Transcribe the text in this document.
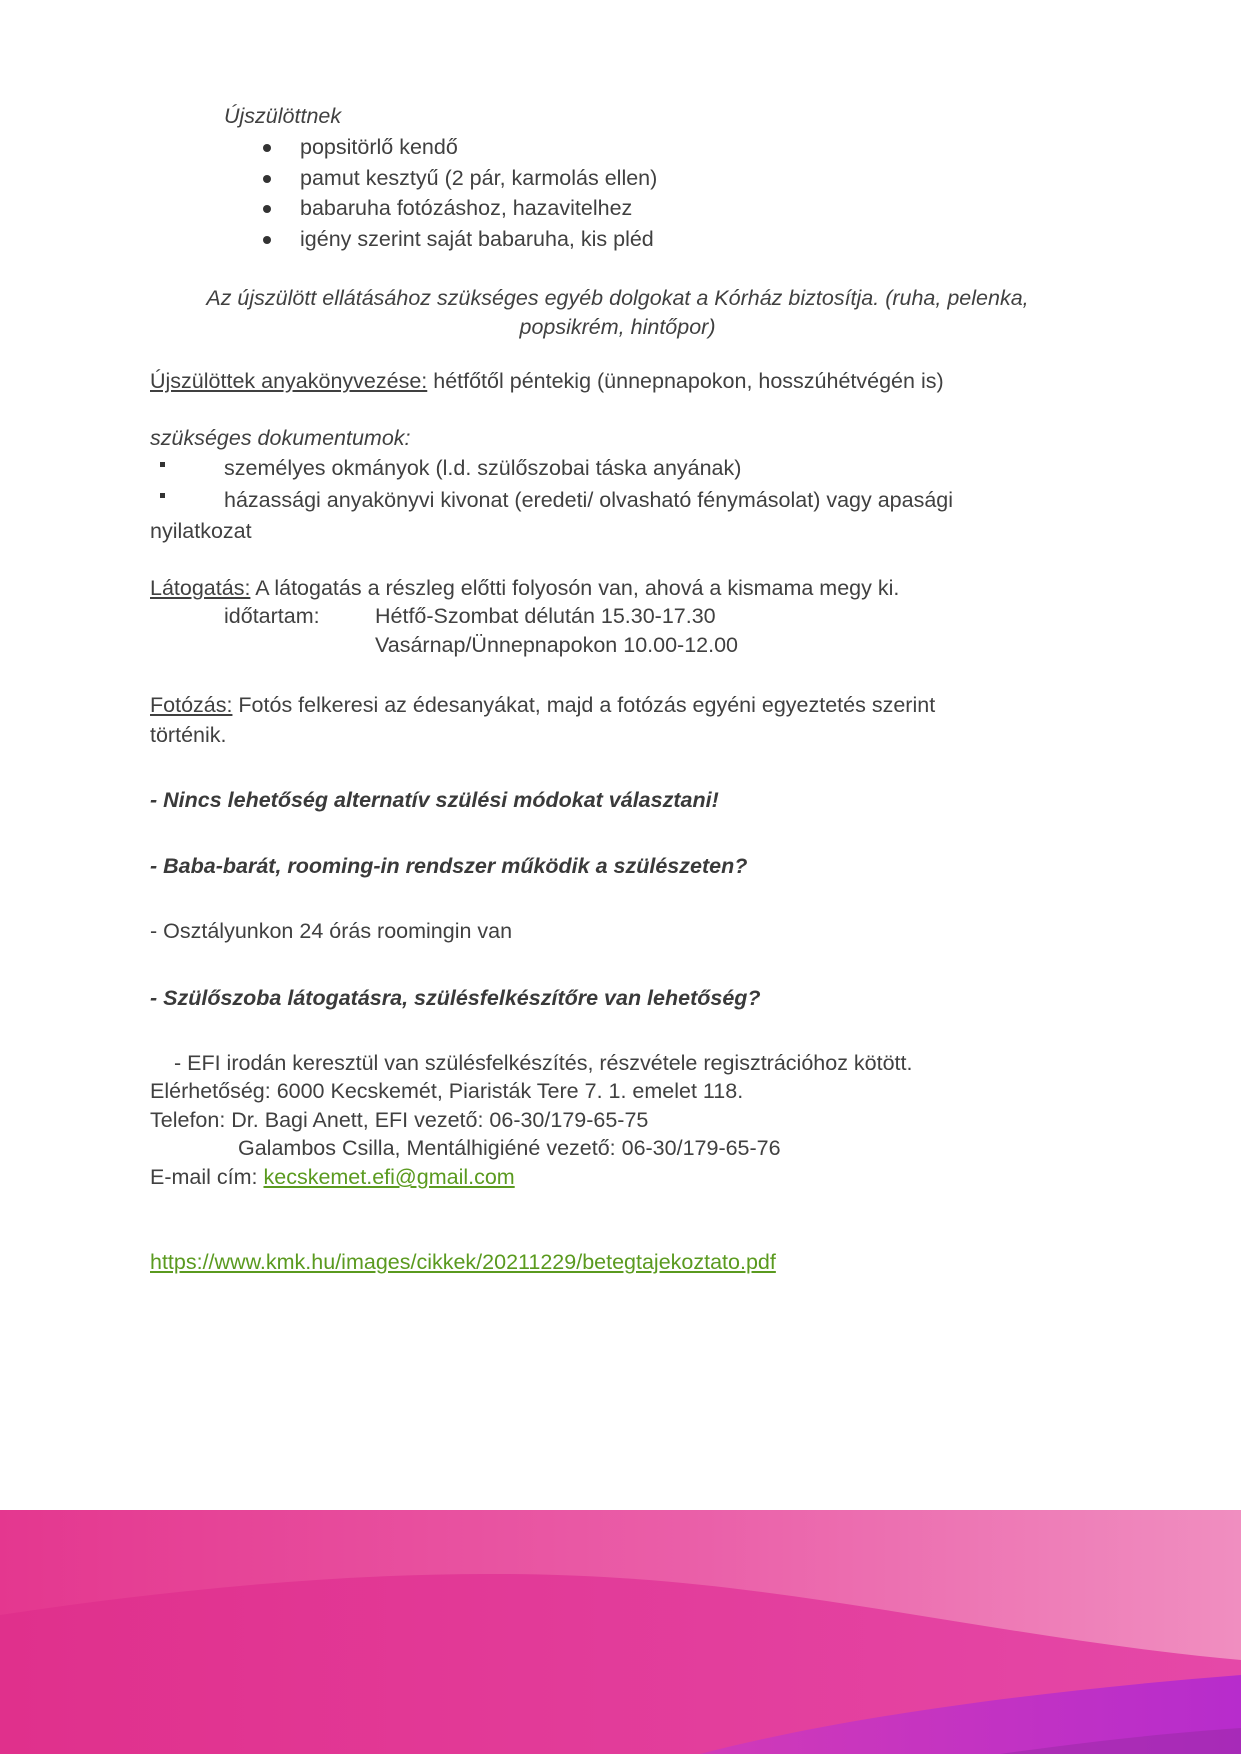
Újszülöttnek
popsitörlő kendő
pamut kesztyű (2 pár, karmolás ellen)
babaruha fotózáshoz, hazavitelhez
igény szerint saját babaruha, kis pléd
Az újszülött ellátásához szükséges egyéb dolgokat a Kórház biztosítja. (ruha, pelenka,
popsikrém, hintőpor)
Újszülöttek anyakönyvezése: hétfőtől péntekig (ünnepnapokon, hosszúhétvégén is)
szükséges dokumentumok:
személyes okmányok (l.d. szülőszobai táska anyának)
házassági anyakönyvi kivonat (eredeti/ olvasható fénymásolat) vagy apasági
nyilatkozat
Látogatás: A látogatás a részleg előtti folyosón van, ahová a kismama megy ki.
időtartam:	Hétfő-Szombat délután 15.30-17.30
Vasárnap/Ünnepnapokon 10.00-12.00
Fotózás: Fotós felkeresi az édesanyákat, majd a fotózás egyéni egyeztetés szerint
történik.
- Nincs lehetőség alternatív szülési módokat választani!
- Baba-barát, rooming-in rendszer működik a szülészeten?
- Osztályunkon 24 órás roomingin van
- Szülőszoba látogatásra, szülésfelkészítőre van lehetőség?
- EFI irodán keresztül van szülésfelkészítés, részvétele regisztrációhoz kötött.
Elérhetőség: 6000 Kecskemét, Piaristák Tere 7. 1. emelet 118.
Telefon: Dr. Bagi Anett, EFI vezető: 06-30/179-65-75
Galambos Csilla, Mentálhigiéné vezető: 06-30/179-65-76
E-mail cím: kecskemet.efi@gmail.com
https://www.kmk.hu/images/cikkek/20211229/betegtajekoztato.pdf
